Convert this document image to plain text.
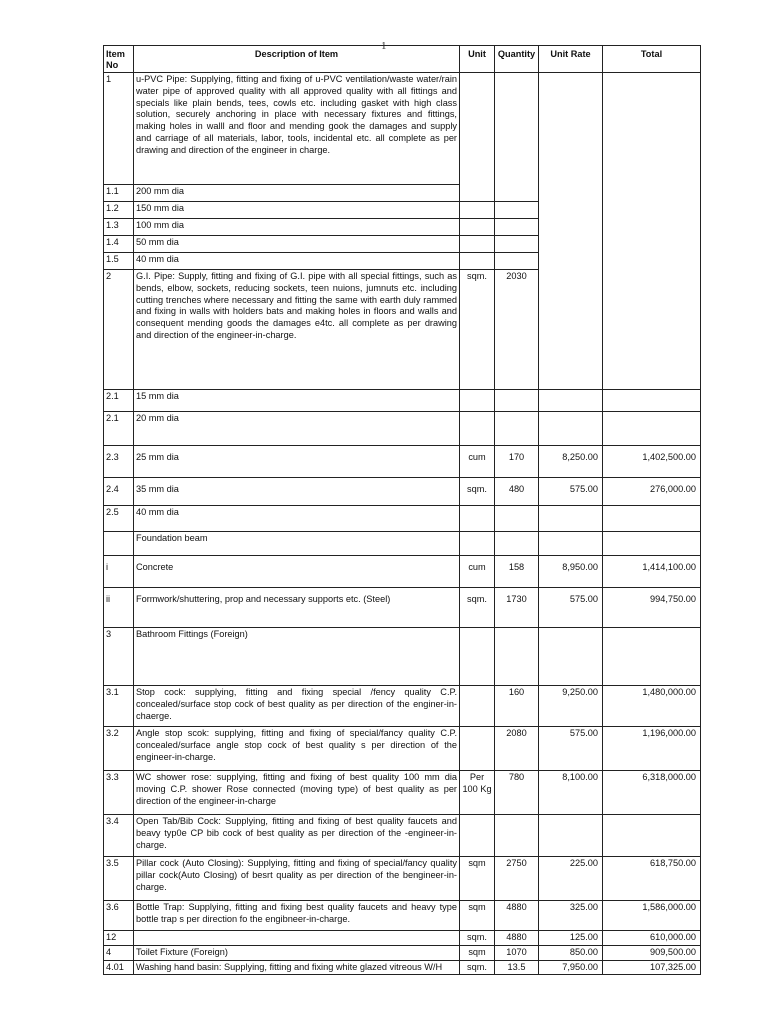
1
Item No	Description of Item	Unit	Quantity	Unit Rate	Total
1	u-PVC Pipe: Supplying, fitting and fixing of u-PVC ventilation/waste water/rain water pipe of approved quality with all approved quality with all fittings and specials like plain bends, tees, cowls etc. including gasket with high class solution, securely anchoring in place with necessary fixtures and fittings, making holes in walll and floor and mending gook the damages and supply and carriage of all materials, labor, tools, incidental etc. all complete as per drawing and direction of the engineer in charge.				
1.1	200 mm dia				
1.2	150 mm dia				
1.3	100 mm dia				
1.4	50 mm dia				
1.5	40 mm dia				
2	G.I. Pipe: Supply, fitting and fixing of G.I. pipe with all special fittings, such as bends, elbow, sockets, reducing sockets, teen nuions, jumnuts etc. including cutting trenches where necessary and fitting the same with earth duly rammed and fixing in walls with holders bats and making holes in floors and walls and consequent mending goods the damages e4tc. all complete as per drawing and direction of the engineer-in-charge.	sqm.	2030		
2.1	15 mm dia				
2.1	20 mm dia				
2.3	25 mm dia	cum	170	8,250.00	1,402,500.00
2.4	35 mm dia	sqm.	480	575.00	276,000.00
2.5	40 mm dia				
	Foundation beam				
i	Concrete	cum	158	8,950.00	1,414,100.00
ii	Formwork/shuttering, prop and necessary supports etc. (Steel)	sqm.	1730	575.00	994,750.00
3	Bathroom Fittings (Foreign)				
3.1	Stop cock: supplying, fitting and fixing special /fency quality C.P. concealed/surface stop cock of best quality as per direction of the enginer-in-chaerge.		160	9,250.00	1,480,000.00
3.2	Angle stop scok: supplying, fitting and fixing of special/fancy quality C.P. concealed/surface angle stop cock of best quality s per direction of the engineer-in-charge.		2080	575.00	1,196,000.00
3.3	WC shower rose: supplying, fitting and fixing of best quality 100 mm dia moving C.P. shower Rose connected (moving type) of best quality as per direction of the engineer-in-charge	Per 100 Kg	780	8,100.00	6,318,000.00
3.4	Open Tab/Bib Cock: Supplying, fitting and fixing of best quality faucets and beavy typ0e CP bib cock of best quality as per direction of the -engineer-in-charge.				
3.5	Pillar cock (Auto Closing): Supplying, fitting and fixing of special/fancy quality pillar cock(Auto Closing) of besrt quality as per direction of the bengineer-in-charge.	sqm	2750	225.00	618,750.00
3.6	Bottle Trap: Supplying, fitting and fixing best quality faucets and heavy type bottle trap s per direction fo the engibneer-in-charge.	sqm	4880	325.00	1,586,000.00
12		sqm.	4880	125.00	610,000.00
4	Toilet Fixture (Foreign)	sqm	1070	850.00	909,500.00
4.01	Washing hand basin: Supplying, fitting and fixing white glazed vitreous W/H	sqm.	13.5	7,950.00	107,325.00
